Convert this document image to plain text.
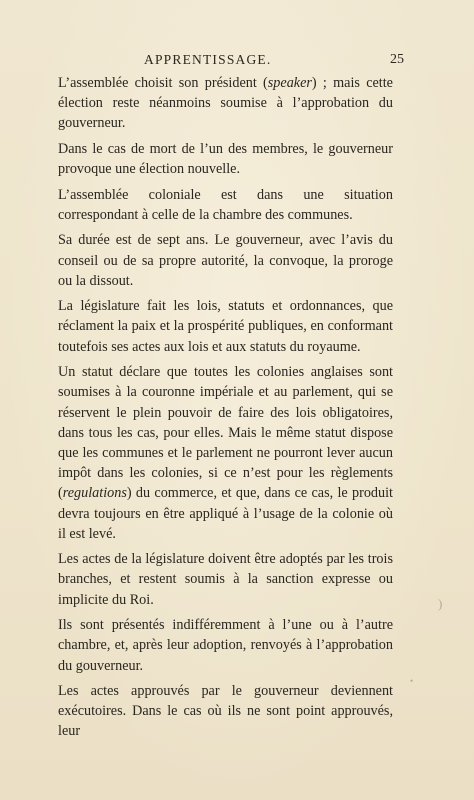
APPRENTISSAGE.	25

L’assemblée choisit son président (speaker) ; mais cette élection reste néanmoins soumise à l’approbation du gouverneur.

Dans le cas de mort de l’un des membres, le gouverneur provoque une élection nouvelle.

L’assemblée coloniale est dans une situation correspondant à celle de la chambre des communes.

Sa durée est de sept ans. Le gouverneur, avec l’avis du conseil ou de sa propre autorité, la convoque, la proroge ou la dissout.

La législature fait les lois, statuts et ordonnances, que réclament la paix et la prospérité publiques, en conformant toutefois ses actes aux lois et aux statuts du royaume.

Un statut déclare que toutes les colonies anglaises sont soumises à la couronne impériale et au parlement, qui se réservent le plein pouvoir de faire des lois obligatoires, dans tous les cas, pour elles. Mais le même statut dispose que les communes et le parlement ne pourront lever aucun impôt dans les colonies, si ce n’est pour les règlements (regulations) du commerce, et que, dans ce cas, le produit devra toujours en être appliqué à l’usage de la colonie où il est levé.

Les actes de la législature doivent être adoptés par les trois branches, et restent soumis à la sanction expresse ou implicite du Roi.

Ils sont présentés indifféremment à l’une ou à l’autre chambre, et, après leur adoption, renvoyés à l’approbation du gouverneur.

Les actes approuvés par le gouverneur deviennent exécutoires. Dans le cas où ils ne sont point approuvés, leur

)
•
